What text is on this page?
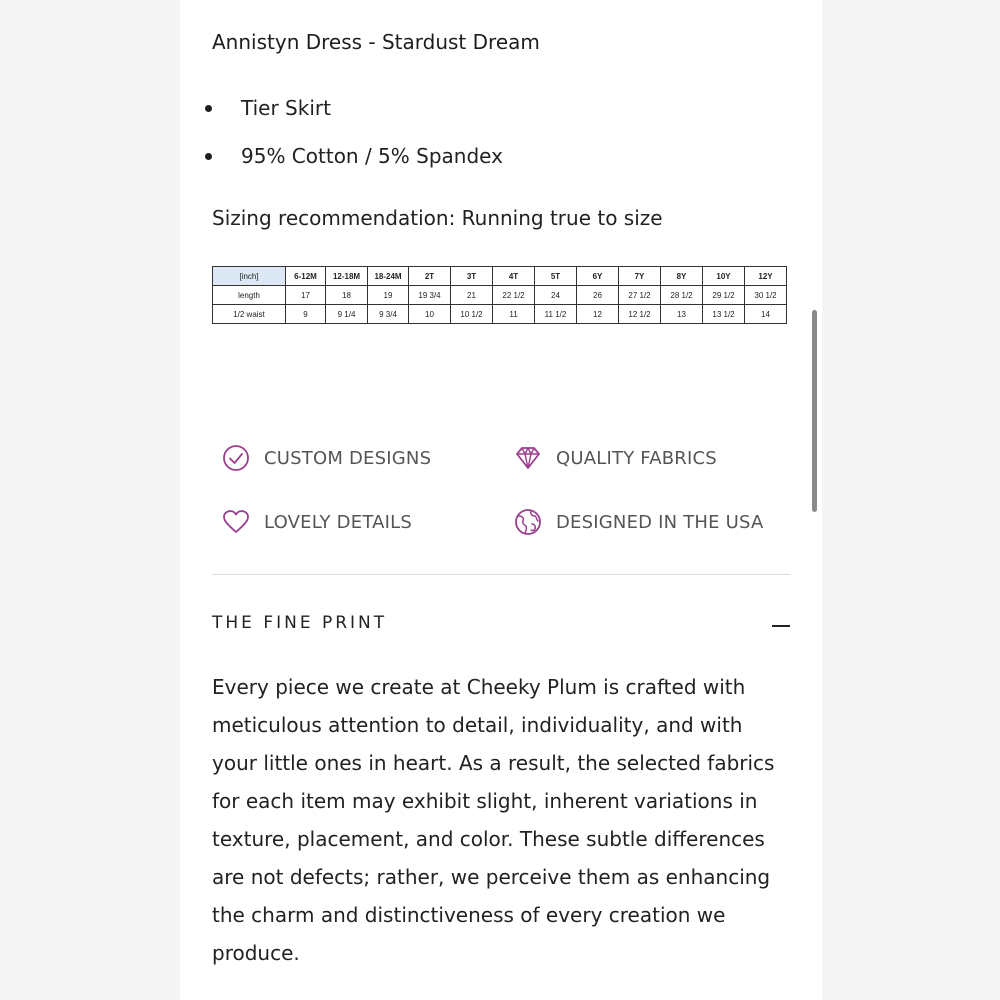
Annistyn Dress - Stardust Dream
Tier Skirt
95% Cotton / 5% Spandex
Sizing recommendation: Running true to size
[inch]	6-12M	12-18M	18-24M	2T	3T	4T	5T	6Y	7Y	8Y	10Y	12Y
length	17	18	19	19 3/4	21	22 1/2	24	26	27 1/2	28 1/2	29 1/2	30 1/2
1/2 waist	9	9 1/4	9 3/4	10	10 1/2	11	11 1/2	12	12 1/2	13	13 1/2	14
CUSTOM DESIGNS	QUALITY FABRICS
LOVELY DETAILS	DESIGNED IN THE USA
THE FINE PRINT

Every piece we create at Cheeky Plum is crafted with meticulous attention to detail, individuality, and with your little ones in heart. As a result, the selected fabrics for each item may exhibit slight, inherent variations in texture, placement, and color. These subtle differences are not defects; rather, we perceive them as enhancing the charm and distinctiveness of every creation we produce.
